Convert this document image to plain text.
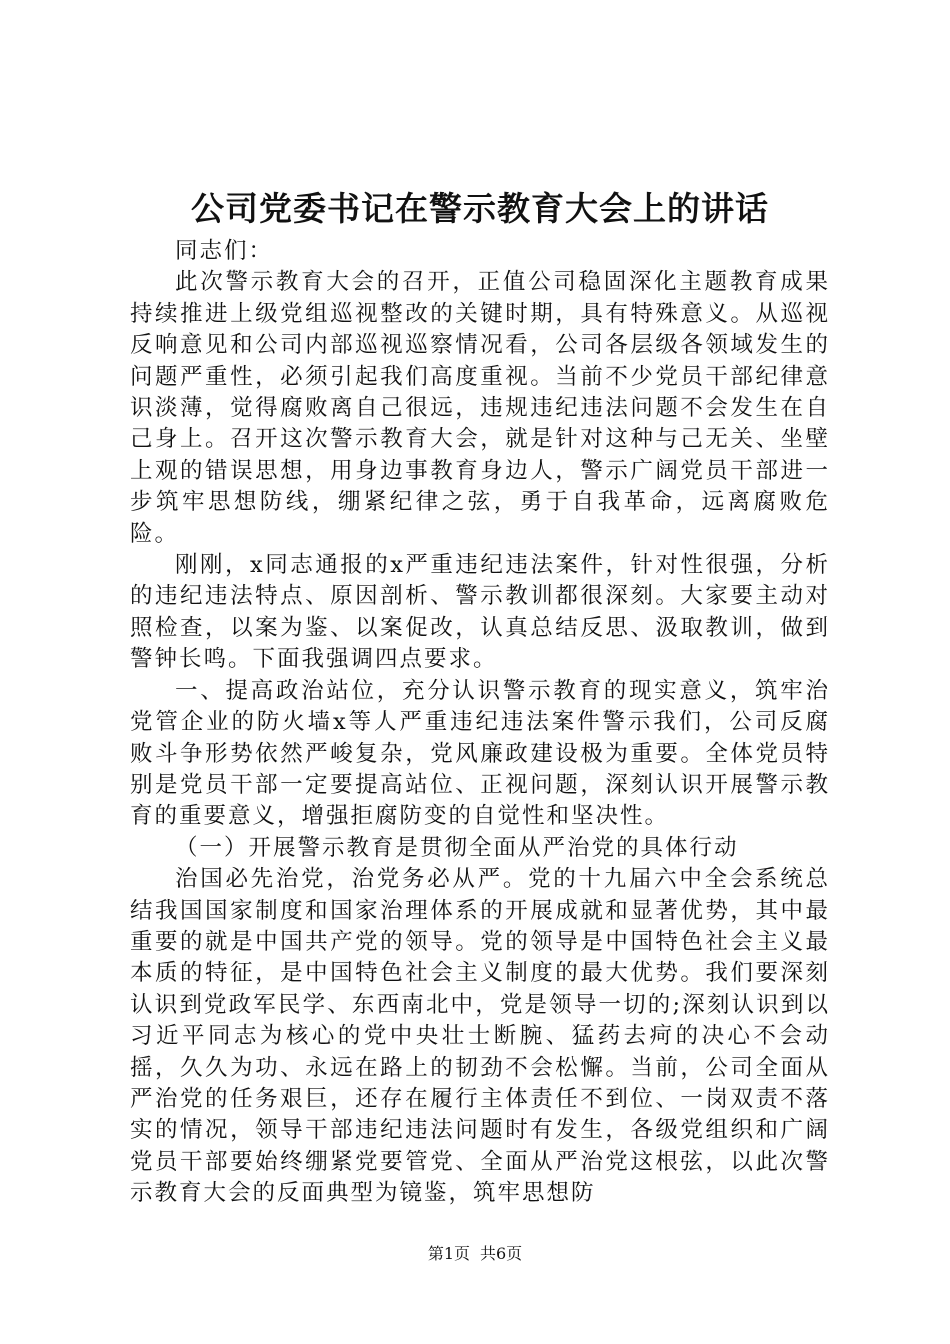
公司党委书记在警示教育大会上的讲话

同志们：

此次警示教育大会的召开，正值公司稳固深化主题教育成果持续推进上级党组巡视整改的关键时期，具有特殊意义。从巡视反响意见和公司内部巡视巡察情况看，公司各层级各领域发生的问题严重性，必须引起我们高度重视。当前不少党员干部纪律意识淡薄，觉得腐败离自己很远，违规违纪违法问题不会发生在自己身上。召开这次警示教育大会，就是针对这种与己无关、坐壁上观的错误思想，用身边事教育身边人，警示广阔党员干部进一步筑牢思想防线，绷紧纪律之弦，勇于自我革命，远离腐败危险。

刚刚，x同志通报的x严重违纪违法案件，针对性很强，分析的违纪违法特点、原因剖析、警示教训都很深刻。大家要主动对照检查，以案为鉴、以案促改，认真总结反思、汲取教训，做到警钟长鸣。下面我强调四点要求。

一、提高政治站位，充分认识警示教育的现实意义，筑牢治党管企业的防火墙x等人严重违纪违法案件警示我们，公司反腐败斗争形势依然严峻复杂，党风廉政建设极为重要。全体党员特别是党员干部一定要提高站位、正视问题，深刻认识开展警示教育的重要意义，增强拒腐防变的自觉性和坚决性。

（一）开展警示教育是贯彻全面从严治党的具体行动

治国必先治党，治党务必从严。党的十九届六中全会系统总结我国国家制度和国家治理体系的开展成就和显著优势，其中最重要的就是中国共产党的领导。党的领导是中国特色社会主义最本质的特征，是中国特色社会主义制度的最大优势。我们要深刻认识到党政军民学、东西南北中，党是领导一切的;深刻认识到以习近平同志为核心的党中央壮士断腕、猛药去疴的决心不会动摇，久久为功、永远在路上的韧劲不会松懈。当前，公司全面从严治党的任务艰巨，还存在履行主体责任不到位、一岗双责不落实的情况，领导干部违纪违法问题时有发生，各级党组织和广阔党员干部要始终绷紧党要管党、全面从严治党这根弦，以此次警示教育大会的反面典型为镜鉴，筑牢思想防

第1页 共6页
